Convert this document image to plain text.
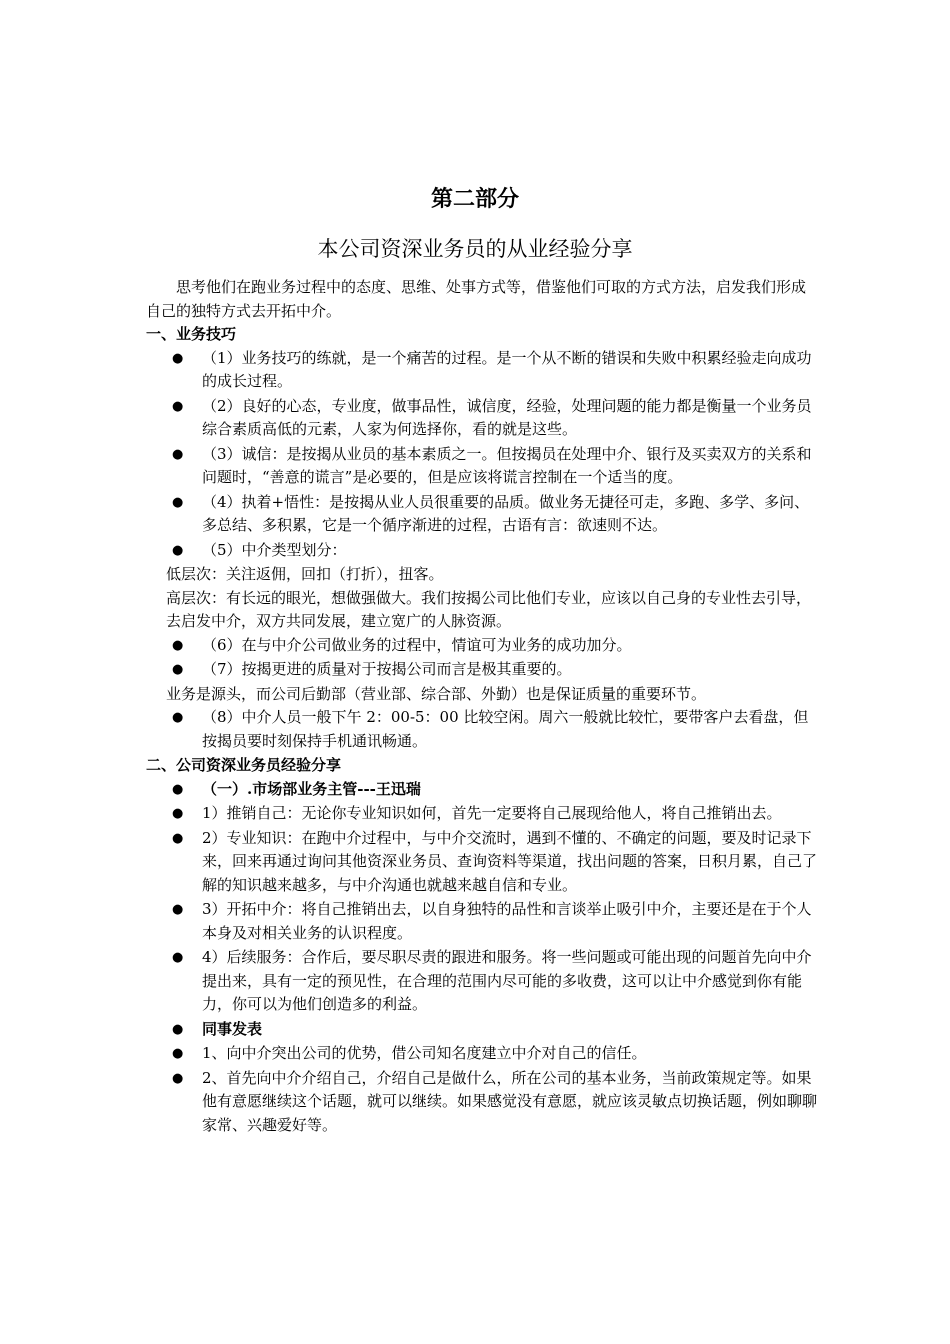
第二部分
本公司资深业务员的从业经验分享

思考他们在跑业务过程中的态度、思维、处事方式等，借鉴他们可取的方式方法，启发我们形成自己的独特方式去开拓中介。

一、业务技巧

● （1）业务技巧的练就，是一个痛苦的过程。是一个从不断的错误和失败中积累经验走向成功的成长过程。
● （2）良好的心态，专业度，做事品性，诚信度，经验，处理问题的能力都是衡量一个业务员综合素质高低的元素，人家为何选择你，看的就是这些。
● （3）诚信：是按揭从业员的基本素质之一。但按揭员在处理中介、银行及买卖双方的关系和问题时，“善意的谎言”是必要的，但是应该将谎言控制在一个适当的度。
● （4）执着+悟性：是按揭从业人员很重要的品质。做业务无捷径可走，多跑、多学、多问、多总结、多积累，它是一个循序渐进的过程，古语有言：欲速则不达。
● （5）中介类型划分：

低层次：关注返佣，回扣（打折），扭客。

高层次：有长远的眼光，想做强做大。我们按揭公司比他们专业，应该以自己身的专业性去引导，去启发中介，双方共同发展，建立宽广的人脉资源。

● （6）在与中介公司做业务的过程中，情谊可为业务的成功加分。
● （7）按揭更进的质量对于按揭公司而言是极其重要的。

业务是源头，而公司后勤部（营业部、综合部、外勤）也是保证质量的重要环节。

● （8）中介人员一般下午 2：00-5：00 比较空闲。周六一般就比较忙，要带客户去看盘，但按揭员要时刻保持手机通讯畅通。

二、公司资深业务员经验分享

● （一）.市场部业务主管---王迅瑞
● 1）推销自己：无论你专业知识如何，首先一定要将自己展现给他人，将自己推销出去。
● 2）专业知识：在跑中介过程中，与中介交流时，遇到不懂的、不确定的问题，要及时记录下来，回来再通过询问其他资深业务员、查询资料等渠道，找出问题的答案，日积月累，自己了解的知识越来越多，与中介沟通也就越来越自信和专业。
● 3）开拓中介：将自己推销出去，以自身独特的品性和言谈举止吸引中介，主要还是在于个人本身及对相关业务的认识程度。
● 4）后续服务：合作后，要尽职尽责的跟进和服务。将一些问题或可能出现的问题首先向中介提出来，具有一定的预见性，在合理的范围内尽可能的多收费，这可以让中介感觉到你有能力，你可以为他们创造多的利益。
● 同事发表
● 1、向中介突出公司的优势，借公司知名度建立中介对自己的信任。
● 2、首先向中介介绍自己，介绍自己是做什么，所在公司的基本业务，当前政策规定等。如果他有意愿继续这个话题，就可以继续。如果感觉没有意愿，就应该灵敏点切换话题，例如聊聊家常、兴趣爱好等。
